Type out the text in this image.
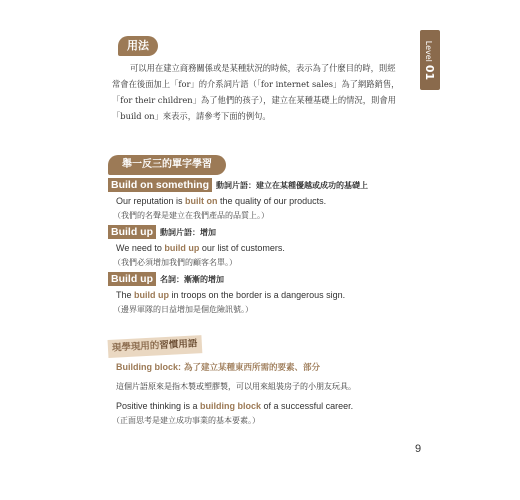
用法
可以用在建立商務關係或是某種狀況的時候，表示為了什麼目的時，則經
常會在後面加上「for」的介系詞片語（「for internet sales」為了網路銷售，
「for their children」為了他們的孩子），建立在某種基礎上的情況，則會用
「build on」來表示，請參考下面的例句。
Level01
舉一反三的單字學習
Build on something 動詞片語：建立在某種優越或成功的基礎上
Our reputation is built on the quality of our products.
（我們的名聲是建立在我們產品的品質上。）
Build up 動詞片語：增加
We need to build up our list of customers.
（我們必須增加我們的顧客名單。）
Build up 名詞：漸漸的增加
The build up in troops on the border is a dangerous sign.
（邊界軍隊的日益增加是個危險訊號。）
現學現用的習慣用語
Building block: 為了建立某種東西所需的要素、部分
這個片語原來是指木製或塑膠製，可以用來組裝房子的小朋友玩具。
Positive thinking is a building block of a successful career.
（正面思考是建立成功事業的基本要素。）
9
